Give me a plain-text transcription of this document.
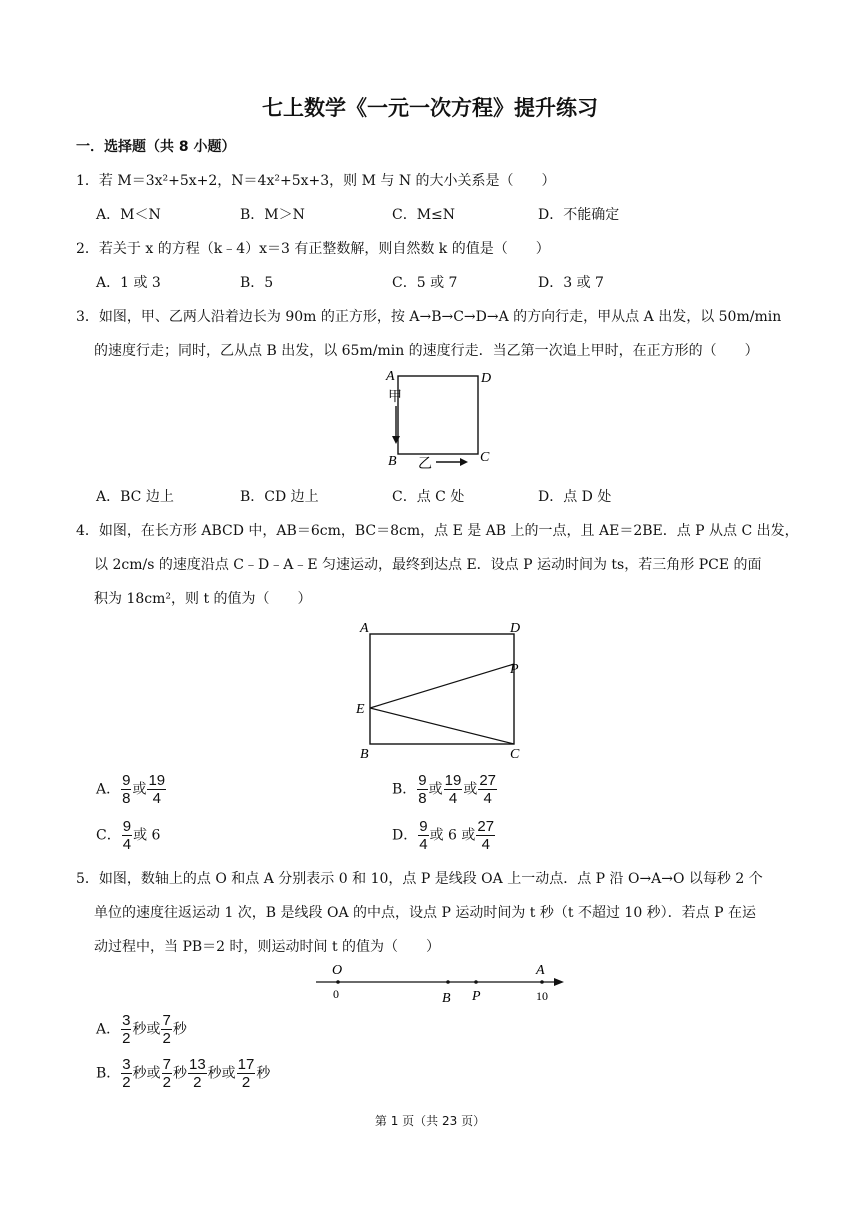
七上数学《一元一次方程》提升练习
一．选择题（共 8 小题）
1．若 M＝3x²+5x+2，N＝4x²+5x+3，则 M 与 N 的大小关系是（　　）
A．M＜N	B．M＞N	C．M≤N	D．不能确定
2．若关于 x 的方程（k﹣4）x＝3 有正整数解，则自然数 k 的值是（　　）
A．1 或 3	B．5	C．5 或 7	D．3 或 7
3．如图，甲、乙两人沿着边长为 90m 的正方形，按 A→B→C→D→A 的方向行走，甲从点 A 出发，以 50m/min
的速度行走；同时，乙从点 B 出发，以 65m/min 的速度行走．当乙第一次追上甲时，在正方形的（　　）
A	D
B	C
甲
乙
A．BC 边上	B．CD 边上	C．点 C 处	D．点 D 处
4．如图，在长方形 ABCD 中，AB＝6cm，BC＝8cm，点 E 是 AB 上的一点，且 AE＝2BE．点 P 从点 C 出发，
以 2cm/s 的速度沿点 C﹣D﹣A﹣E 匀速运动，最终到达点 E．设点 P 运动时间为 ts，若三角形 PCE 的面
积为 18cm²，则 t 的值为（　　）
A	D
P
E
B	C
A． $\frac{9}{8}$ 或 $\frac{19}{4}$	B． $\frac{9}{8}$ 或 $\frac{19}{4}$ 或 $\frac{27}{4}$
C． $\frac{9}{4}$ 或 6	D． $\frac{9}{4}$ 或 6 或 $\frac{27}{4}$
5．如图，数轴上的点 O 和点 A 分别表示 0 和 10，点 P 是线段 OA 上一动点．点 P 沿 O→A→O 以每秒 2 个
单位的速度往返运动 1 次，B 是线段 OA 的中点，设点 P 运动时间为 t 秒（t 不超过 10 秒）．若点 P 在运
动过程中，当 PB＝2 时，则运动时间 t 的值为（　　）
O
0	B P
A
10
A． $\frac{3}{2}$ 秒或 $\frac{7}{2}$ 秒
B． $\frac{3}{2}$ 秒或 $\frac{7}{2}$ 秒 $\frac{13}{2}$ 秒或 $\frac{17}{2}$ 秒
第 1 页（共 23 页）
